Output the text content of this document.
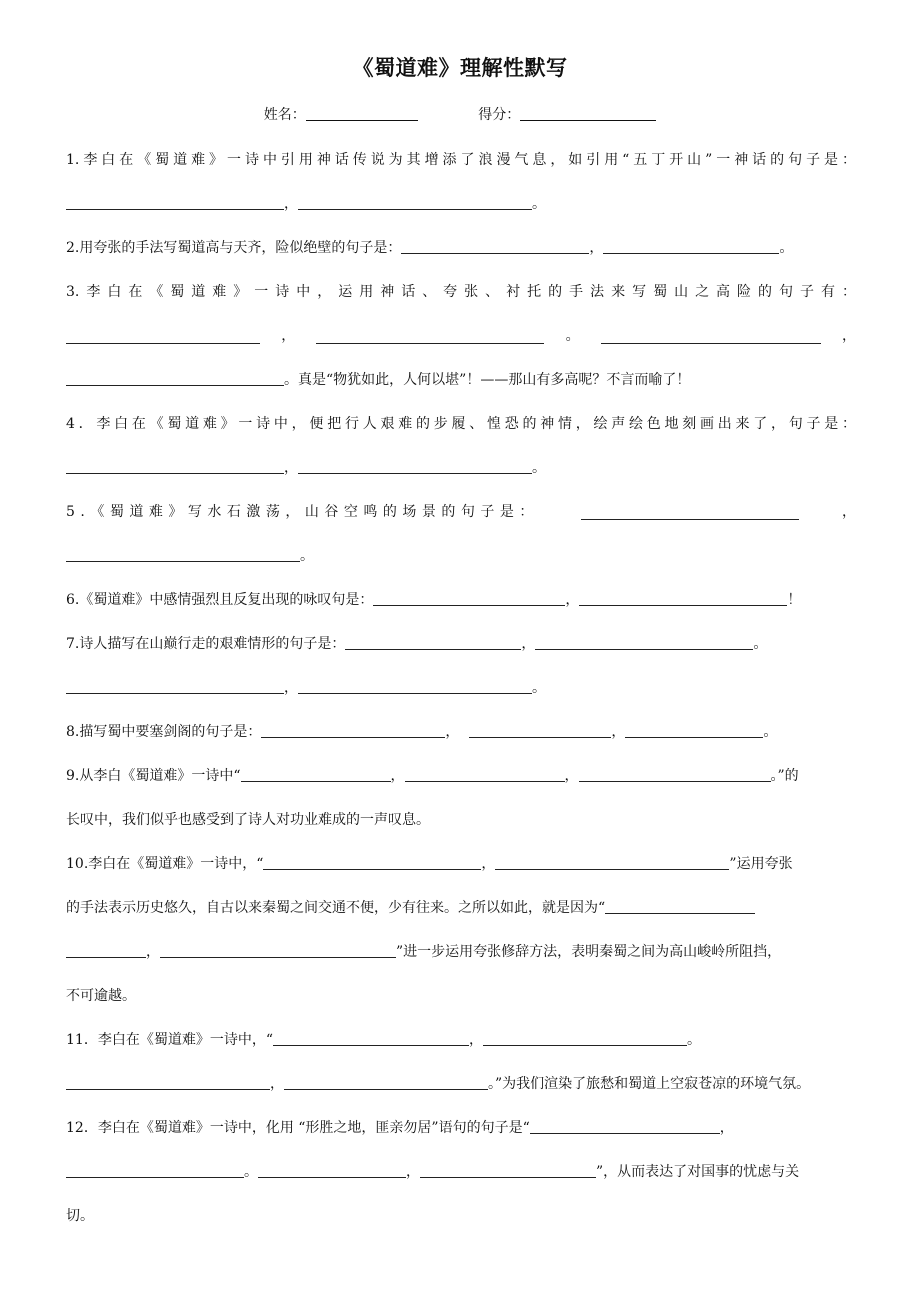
《蜀道难》理解性默写
姓名：	得分：
1.李白在《蜀道难》一诗中引用神话传说为其增添了浪漫气息，如引用“五丁开山”一神话的句子是：
，	。
2.用夸张的手法写蜀道高与天齐，险似绝壁的句子是：	，	。
3.李白在《蜀道难》一诗中，运用神话、夸张、衬托的手法来写蜀山之高险的句子有：
，	。	，
。真是“物犹如此，人何以堪”！——那山有多高呢？不言而喻了！
4．李白在《蜀道难》一诗中，便把行人艰难的步履、惶恐的神情，绘声绘色地刻画出来了，句子是：
，	。
5.《蜀道难》写水石激荡，山谷空鸣的场景的句子是：	，
。
6.《蜀道难》中感情强烈且反复出现的咏叹句是：	，	！
7.诗人描写在山巅行走的艰难情形的句子是：	，	。
，	。
8.描写蜀中要塞剑阁的句子是：	，	，	。
9.从李白《蜀道难》一诗中“	，	，	。”的
长叹中，我们似乎也感受到了诗人对功业难成的一声叹息。
10.李白在《蜀道难》一诗中，“	，	”运用夸张
的手法表示历史悠久，自古以来秦蜀之间交通不便，少有往来。之所以如此，就是因为“
，	”进一步运用夸张修辞方法，表明秦蜀之间为高山峻岭所阻挡，
不可逾越。
11．李白在《蜀道难》一诗中，“	，	。
，	。”为我们渲染了旅愁和蜀道上空寂苍凉的环境气氛。
12．李白在《蜀道难》一诗中，化用 “形胜之地，匪亲勿居”语句的句子是“	，
。	，	”，从而表达了对国事的忧虑与关
切。
